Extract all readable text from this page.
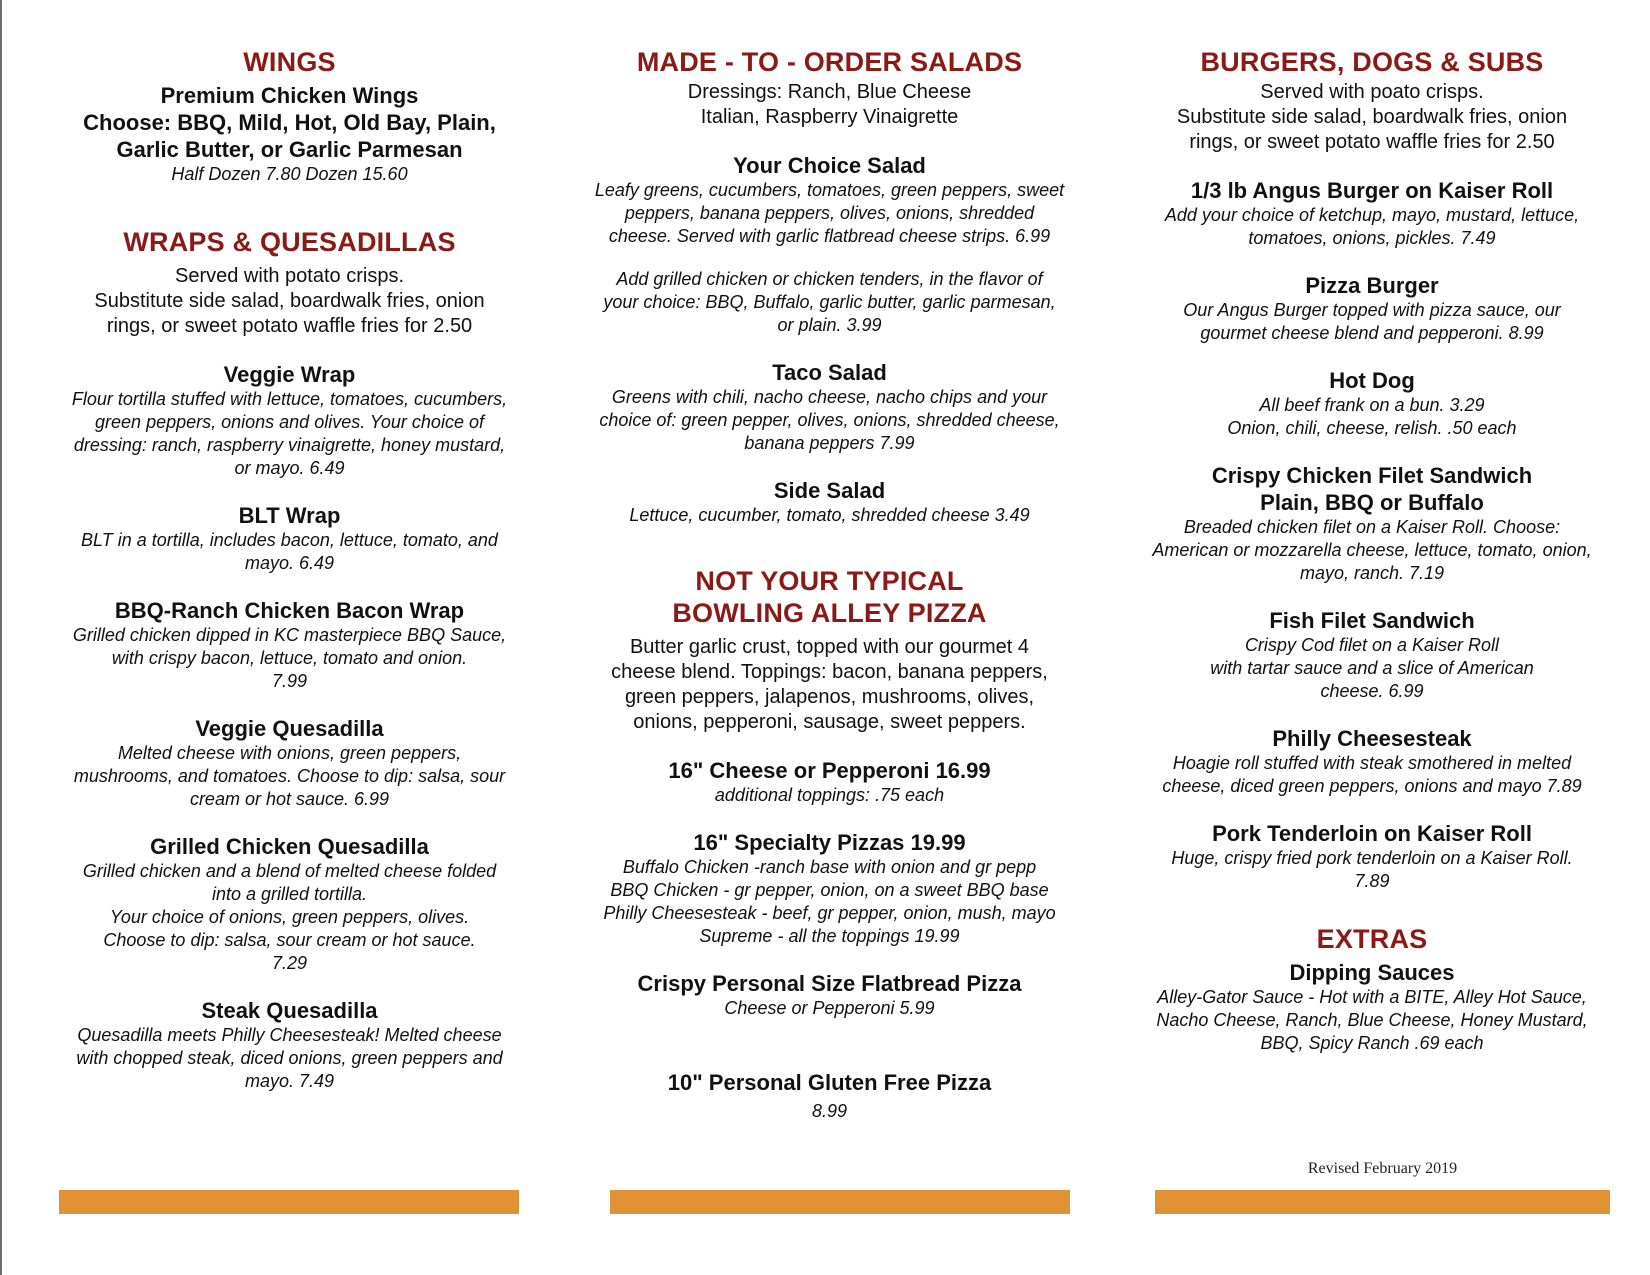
WINGS
Premium Chicken Wings
Choose: BBQ, Mild, Hot, Old Bay, Plain,
Garlic Butter, or Garlic Parmesan
Half Dozen 7.80 Dozen 15.60
WRAPS & QUESADILLAS
Served with potato crisps.
Substitute side salad, boardwalk fries, onion
rings, or sweet potato waffle fries for 2.50
Veggie Wrap
Flour tortilla stuffed with lettuce, tomatoes, cucumbers,
green peppers, onions and olives. Your choice of
dressing: ranch, raspberry vinaigrette, honey mustard,
or mayo. 6.49
BLT Wrap
BLT in a tortilla, includes bacon, lettuce, tomato, and
mayo. 6.49
BBQ-Ranch Chicken Bacon Wrap
Grilled chicken dipped in KC masterpiece BBQ Sauce,
with crispy bacon, lettuce, tomato and onion.
7.99
Veggie Quesadilla
Melted cheese with onions, green peppers,
mushrooms, and tomatoes. Choose to dip: salsa, sour
cream or hot sauce. 6.99
Grilled Chicken Quesadilla
Grilled chicken and a blend of melted cheese folded
into a grilled tortilla.
Your choice of onions, green peppers, olives.
Choose to dip: salsa, sour cream or hot sauce.
7.29
Steak Quesadilla
Quesadilla meets Philly Cheesesteak! Melted cheese
with chopped steak, diced onions, green peppers and
mayo. 7.49
MADE - TO - ORDER SALADS
Dressings: Ranch, Blue Cheese
Italian, Raspberry Vinaigrette
Your Choice Salad
Leafy greens, cucumbers, tomatoes, green peppers, sweet
peppers, banana peppers, olives, onions, shredded
cheese. Served with garlic flatbread cheese strips. 6.99
Add grilled chicken or chicken tenders, in the flavor of
your choice: BBQ, Buffalo, garlic butter, garlic parmesan,
or plain. 3.99
Taco Salad
Greens with chili, nacho cheese, nacho chips and your
choice of: green pepper, olives, onions, shredded cheese,
banana peppers 7.99
Side Salad
Lettuce, cucumber, tomato, shredded cheese 3.49
NOT YOUR TYPICAL
BOWLING ALLEY PIZZA
Butter garlic crust, topped with our gourmet 4
cheese blend. Toppings: bacon, banana peppers,
green peppers, jalapenos, mushrooms, olives,
onions, pepperoni, sausage, sweet peppers.
16" Cheese or Pepperoni 16.99
additional toppings: .75 each
16" Specialty Pizzas 19.99
Buffalo Chicken -ranch base with onion and gr pepp
BBQ Chicken - gr pepper, onion, on a sweet BBQ base
Philly Cheesesteak - beef, gr pepper, onion, mush, mayo
Supreme - all the toppings 19.99
Crispy Personal Size Flatbread Pizza
Cheese or Pepperoni 5.99

10" Personal Gluten Free Pizza
8.99

BURGERS, DOGS & SUBS
Served with poato crisps.
Substitute side salad, boardwalk fries, onion
rings, or sweet potato waffle fries for 2.50
1/3 lb Angus Burger on Kaiser Roll
Add your choice of ketchup, mayo, mustard, lettuce,
tomatoes, onions, pickles. 7.49
Pizza Burger
Our Angus Burger topped with pizza sauce, our
gourmet cheese blend and pepperoni. 8.99
Hot Dog
All beef frank on a bun. 3.29
Onion, chili, cheese, relish. .50 each
Crispy Chicken Filet Sandwich
Plain, BBQ or Buffalo
Breaded chicken filet on a Kaiser Roll. Choose:
American or mozzarella cheese, lettuce, tomato, onion,
mayo, ranch. 7.19
Fish Filet Sandwich
Crispy Cod filet on a Kaiser Roll
with tartar sauce and a slice of American
cheese. 6.99
Philly Cheesesteak
Hoagie roll stuffed with steak smothered in melted
cheese, diced green peppers, onions and mayo 7.89
Pork Tenderloin on Kaiser Roll
Huge, crispy fried pork tenderloin on a Kaiser Roll.
7.89
EXTRAS
Dipping Sauces
Alley-Gator Sauce - Hot with a BITE, Alley Hot Sauce,
Nacho Cheese, Ranch, Blue Cheese, Honey Mustard,
BBQ, Spicy Ranch .69 each
Revised February 2019
